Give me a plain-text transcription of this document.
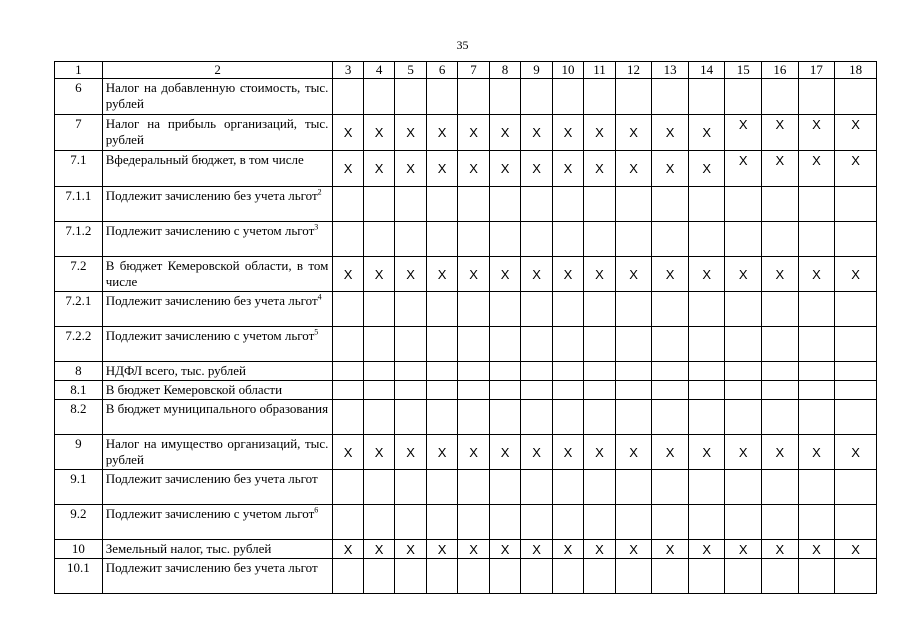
35
1	2	3	4	5	6	7	8	9	10	11	12	13	14	15	16	17	18
6	Налог на добавленную стоимость, тыс. рублей																
7	Налог на прибыль организаций, тыс. рублей	X	X	X	X	X	X	X	X	X	X	X	X	X	X	X	X
7.1	Вфедеральный бюджет, в том числе	X	X	X	X	X	X	X	X	X	X	X	X	X	X	X	X
7.1.1	Подлежит зачислению без учета льгот$^2$																
7.1.2	Подлежит зачислению с учетом льгот$^3$																
7.2	В бюджет Кемеровской области, в том числе	X	X	X	X	X	X	X	X	X	X	X	X	X	X	X	X
7.2.1	Подлежит зачислению без учета льгот$^4$																
7.2.2	Подлежит зачислению с учетом льгот$^5$																
8	НДФЛ всего, тыс. рублей																
8.1	В бюджет Кемеровской области																
8.2	В бюджет муниципального образования																
9	Налог на имущество организаций, тыс. рублей	X	X	X	X	X	X	X	X	X	X	X	X	X	X	X	X
9.1	Подлежит зачислению без учета льгот																
9.2	Подлежит зачислению с учетом льгот$^6$																
10	Земельный налог, тыс. рублей	X	X	X	X	X	X	X	X	X	X	X	X	X	X	X	X
10.1	Подлежит зачислению без учета льгот																
